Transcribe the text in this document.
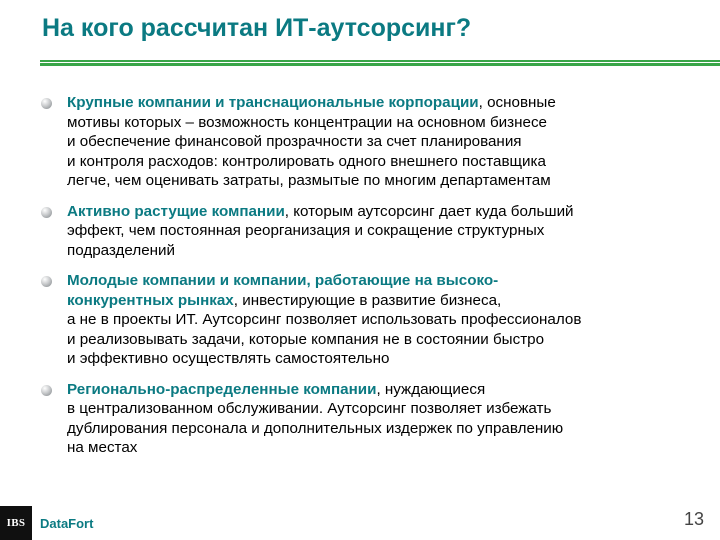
На кого рассчитан ИТ-аутсорсинг?
Крупные компании и транснациональные корпорации, основные
мотивы которых – возможность концентрации на основном бизнесе
и обеспечение финансовой прозрачности за счет планирования
и контроля расходов: контролировать одного внешнего поставщика
легче, чем оценивать затраты, размытые по многим департаментам
Активно растущие компании, которым аутсорсинг дает куда больший
эффект, чем постоянная реорганизация и сокращение структурных
подразделений
Молодые компании и компании, работающие на высоко-
конкурентных рынках, инвестирующие в развитие бизнеса,
а не в проекты ИТ. Аутсорсинг позволяет использовать профессионалов
и реализовывать задачи, которые компания не в состоянии быстро
и эффективно осуществлять самостоятельно
Регионально-распределенные компании, нуждающиеся
в централизованном обслуживании. Аутсорсинг позволяет избежать
дублирования персонала и дополнительных издержек по управлению
на местах
IBS DataFort	13
